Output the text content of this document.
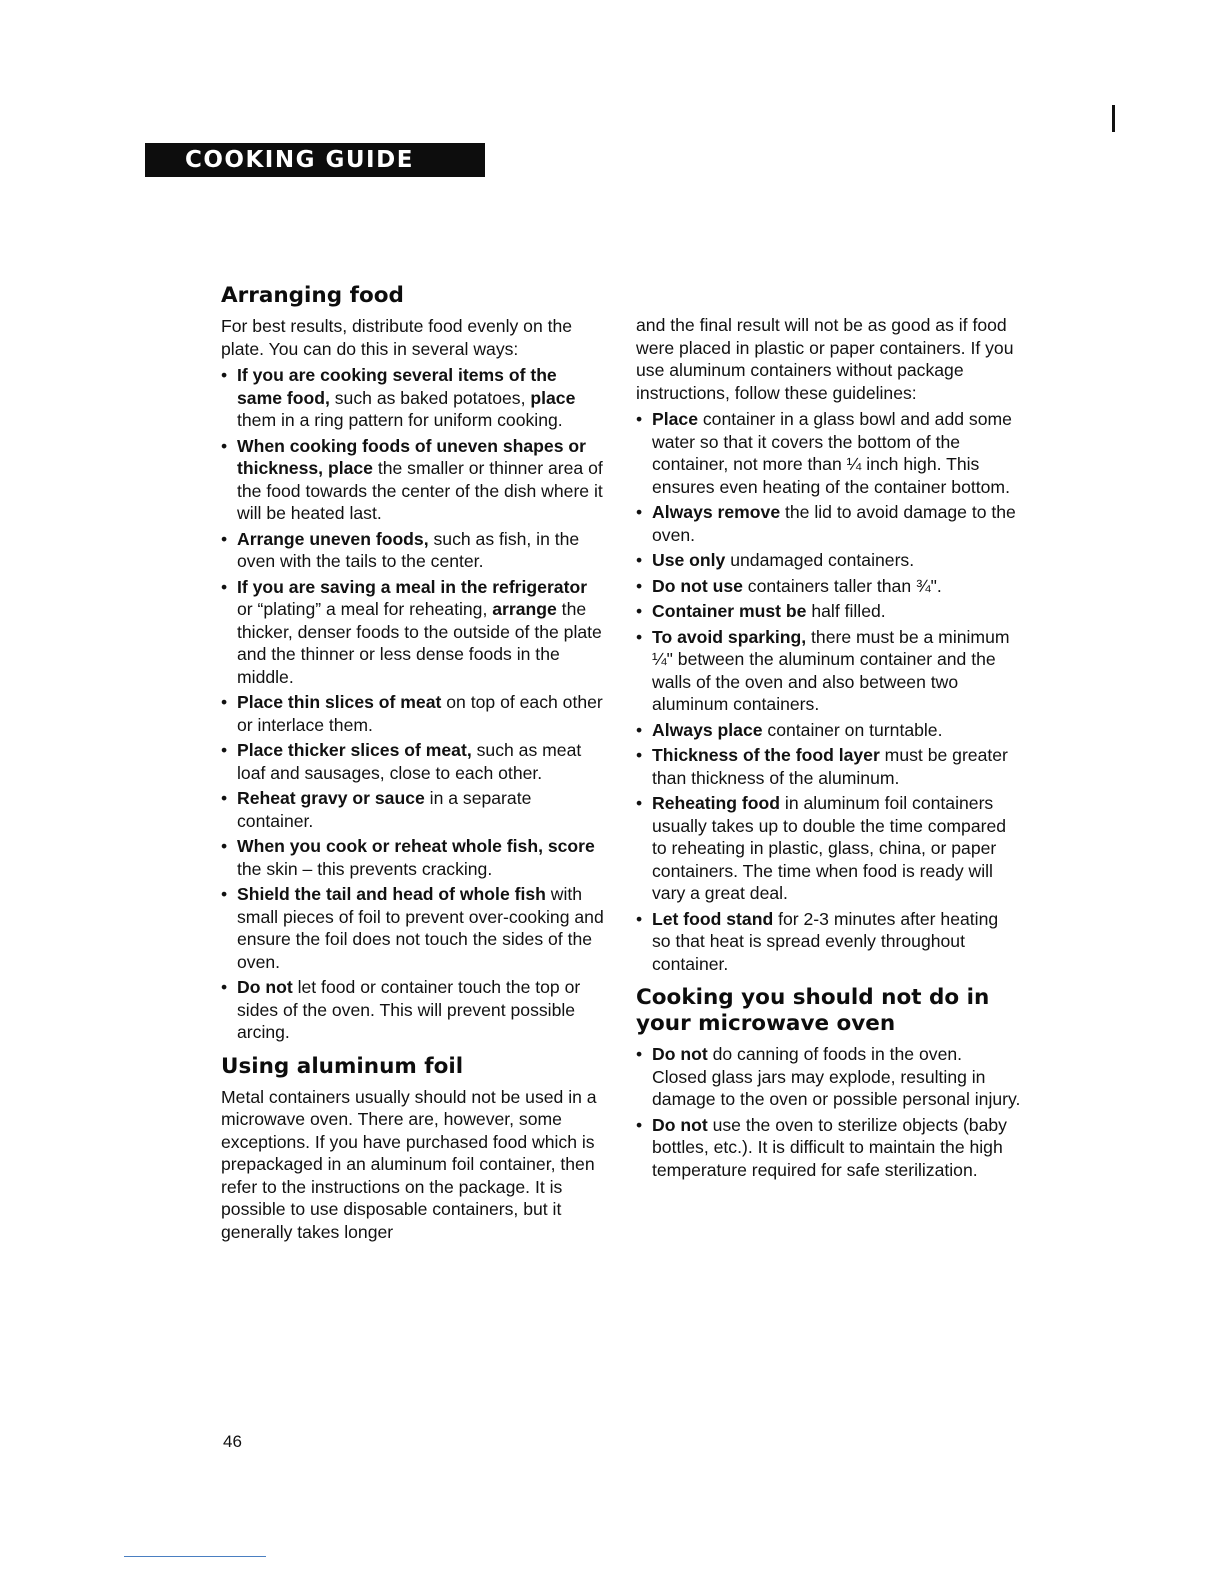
COOKING GUIDE
Arranging food

For best results, distribute food evenly on the plate. You can do this in several ways:

• If you are cooking several items of the same food, such as baked potatoes, place them in a ring pattern for uniform cooking.
• When cooking foods of uneven shapes or thickness, place the smaller or thinner area of the food towards the center of the dish where it will be heated last.
• Arrange uneven foods, such as fish, in the oven with the tails to the center.
• If you are saving a meal in the refrigerator or “plating” a meal for reheating, arrange the thicker, denser foods to the outside of the plate and the thinner or less dense foods in the middle.
• Place thin slices of meat on top of each other or interlace them.
• Place thicker slices of meat, such as meat loaf and sausages, close to each other.
• Reheat gravy or sauce in a separate container.
• When you cook or reheat whole fish, score the skin – this prevents cracking.
• Shield the tail and head of whole fish with small pieces of foil to prevent over-cooking and ensure the foil does not touch the sides of the oven.
• Do not let food or container touch the top or sides of the oven. This will prevent possible arcing.
Using aluminum foil

Metal containers usually should not be used in a microwave oven. There are, however, some exceptions. If you have purchased food which is prepackaged in an aluminum foil container, then refer to the instructions on the package. It is possible to use disposable containers, but it generally takes longer

and the final result will not be as good as if food were placed in plastic or paper containers. If you use aluminum containers without package instructions, follow these guidelines:

• Place container in a glass bowl and add some water so that it covers the bottom of the container, not more than ¼ inch high. This ensures even heating of the container bottom.
• Always remove the lid to avoid damage to the oven.
• Use only undamaged containers.
• Do not use containers taller than ¾".
• Container must be half filled.
• To avoid sparking, there must be a minimum ¼" between the aluminum container and the walls of the oven and also between two aluminum containers.
• Always place container on turntable.
• Thickness of the food layer must be greater than thickness of the aluminum.
• Reheating food in aluminum foil containers usually takes up to double the time compared to reheating in plastic, glass, china, or paper containers. The time when food is ready will vary a great deal.
• Let food stand for 2-3 minutes after heating so that heat is spread evenly throughout container.
Cooking you should not do in your microwave oven
• Do not do canning of foods in the oven. Closed glass jars may explode, resulting in damage to the oven or possible personal injury.
• Do not use the oven to sterilize objects (baby bottles, etc.). It is difficult to maintain the high temperature required for safe sterilization.
46
